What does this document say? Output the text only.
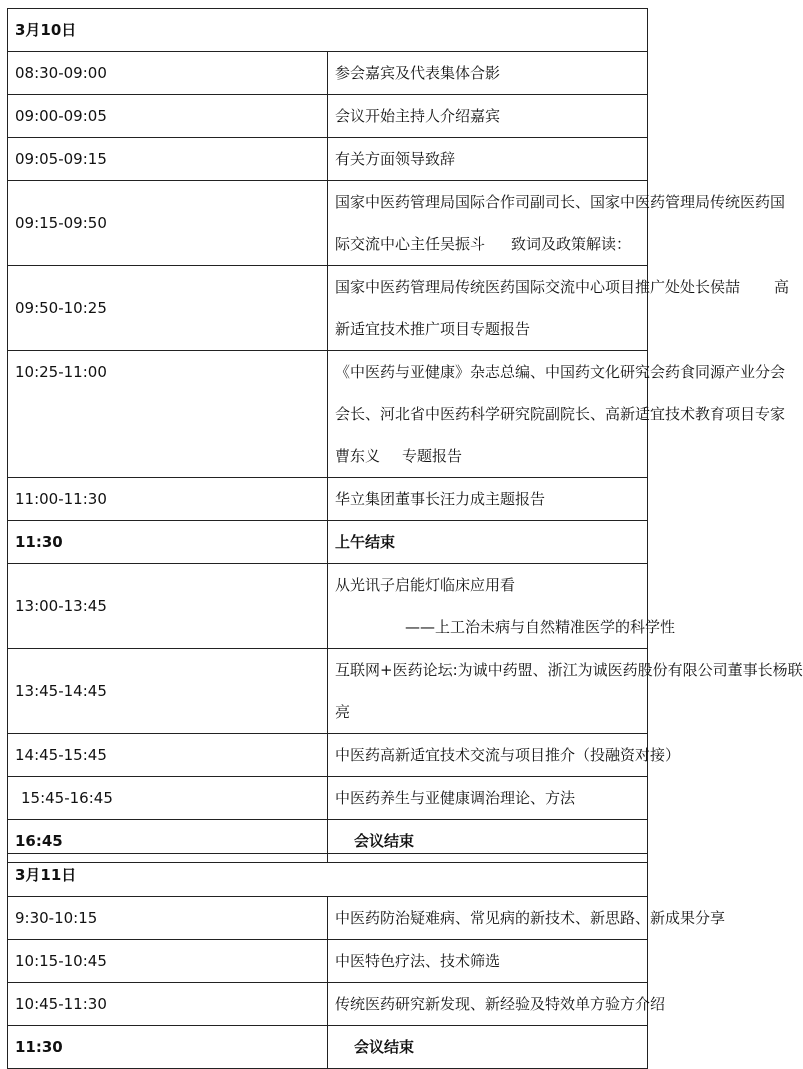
3月10日	
08:30-09:00	参会嘉宾及代表集体合影
09:00-09:05	会议开始主持人介绍嘉宾
09:05-09:15	有关方面领导致辞
09:15-09:50	国家中医药管理局国际合作司副司长、国家中医药管理局传统医药国
际交流中心主任吴振斗 致词及政策解读：

09:50-10:25	国家中医药管理局传统医药国际交流中心项目推广处处长侯喆 高
新适宜技术推广项目专题报告

10:25-11:00	《中医药与亚健康》杂志总编、中国药文化研究会药食同源产业分会
会长、河北省中医药科学研究院副院长、高新适宜技术教育项目专家
曹东义 专题报告

11:00-11:30	华立集团董事长汪力成主题报告
11:30	上午结束
13:00-13:45	从光讯子启能灯临床应用看
——上工治未病与自然精准医学的科学性

13:45-14:45	互联网+医药论坛:为诚中药盟、浙江为诚医药股份有限公司董事长杨联
亮

14:45-15:45	中医药高新适宜技术交流与项目推介（投融资对接）
15:45-16:45	中医药养生与亚健康调治理论、方法
16:45	会议结束
3月11日	
9:30-10:15	中医药防治疑难病、常见病的新技术、新思路、新成果分享
10:15-10:45	中医特色疗法、技术筛选
10:45-11:30	传统医药研究新发现、新经验及特效单方验方介绍
11:30	会议结束
